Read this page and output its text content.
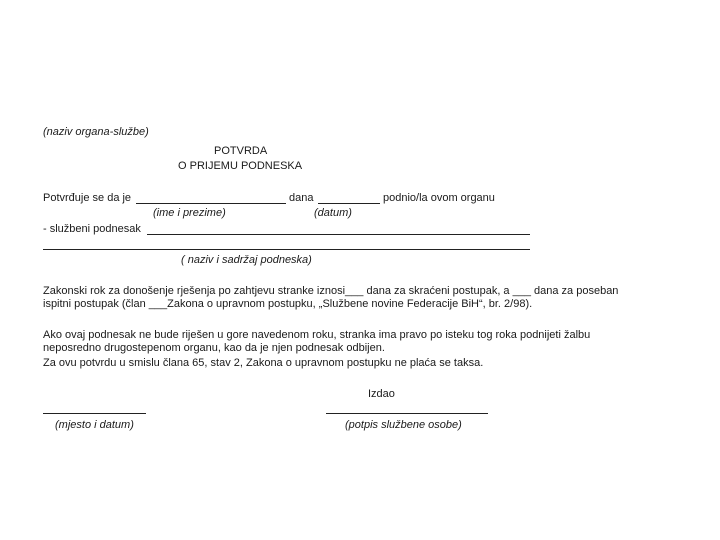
(naziv organa-službe)
POTVRDA
O PRIJEMU PODNESKA
Potvrđuje se da je	dana	podnio/la ovom organu
(ime i prezime)	(datum)
- službeni podnesak
( naziv i sadržaj podneska)
Zakonski rok za donošenje rješenja po zahtjevu stranke iznosi___ dana za skraćeni postupak, a ___ dana za poseban
ispitni postupak (član ___Zakona o upravnom postupku, „Službene novine Federacije BiH“, br. 2/98).
Ako ovaj podnesak ne bude riješen u gore navedenom roku, stranka ima pravo po isteku tog roka podnijeti žalbu
neposredno drugostepenom organu, kao da je njen podnesak odbijen.
Za ovu potvrdu u smislu člana 65, stav 2, Zakona o upravnom postupku ne plaća se taksa.
Izdao
(mjesto i datum)	(potpis službene osobe)
